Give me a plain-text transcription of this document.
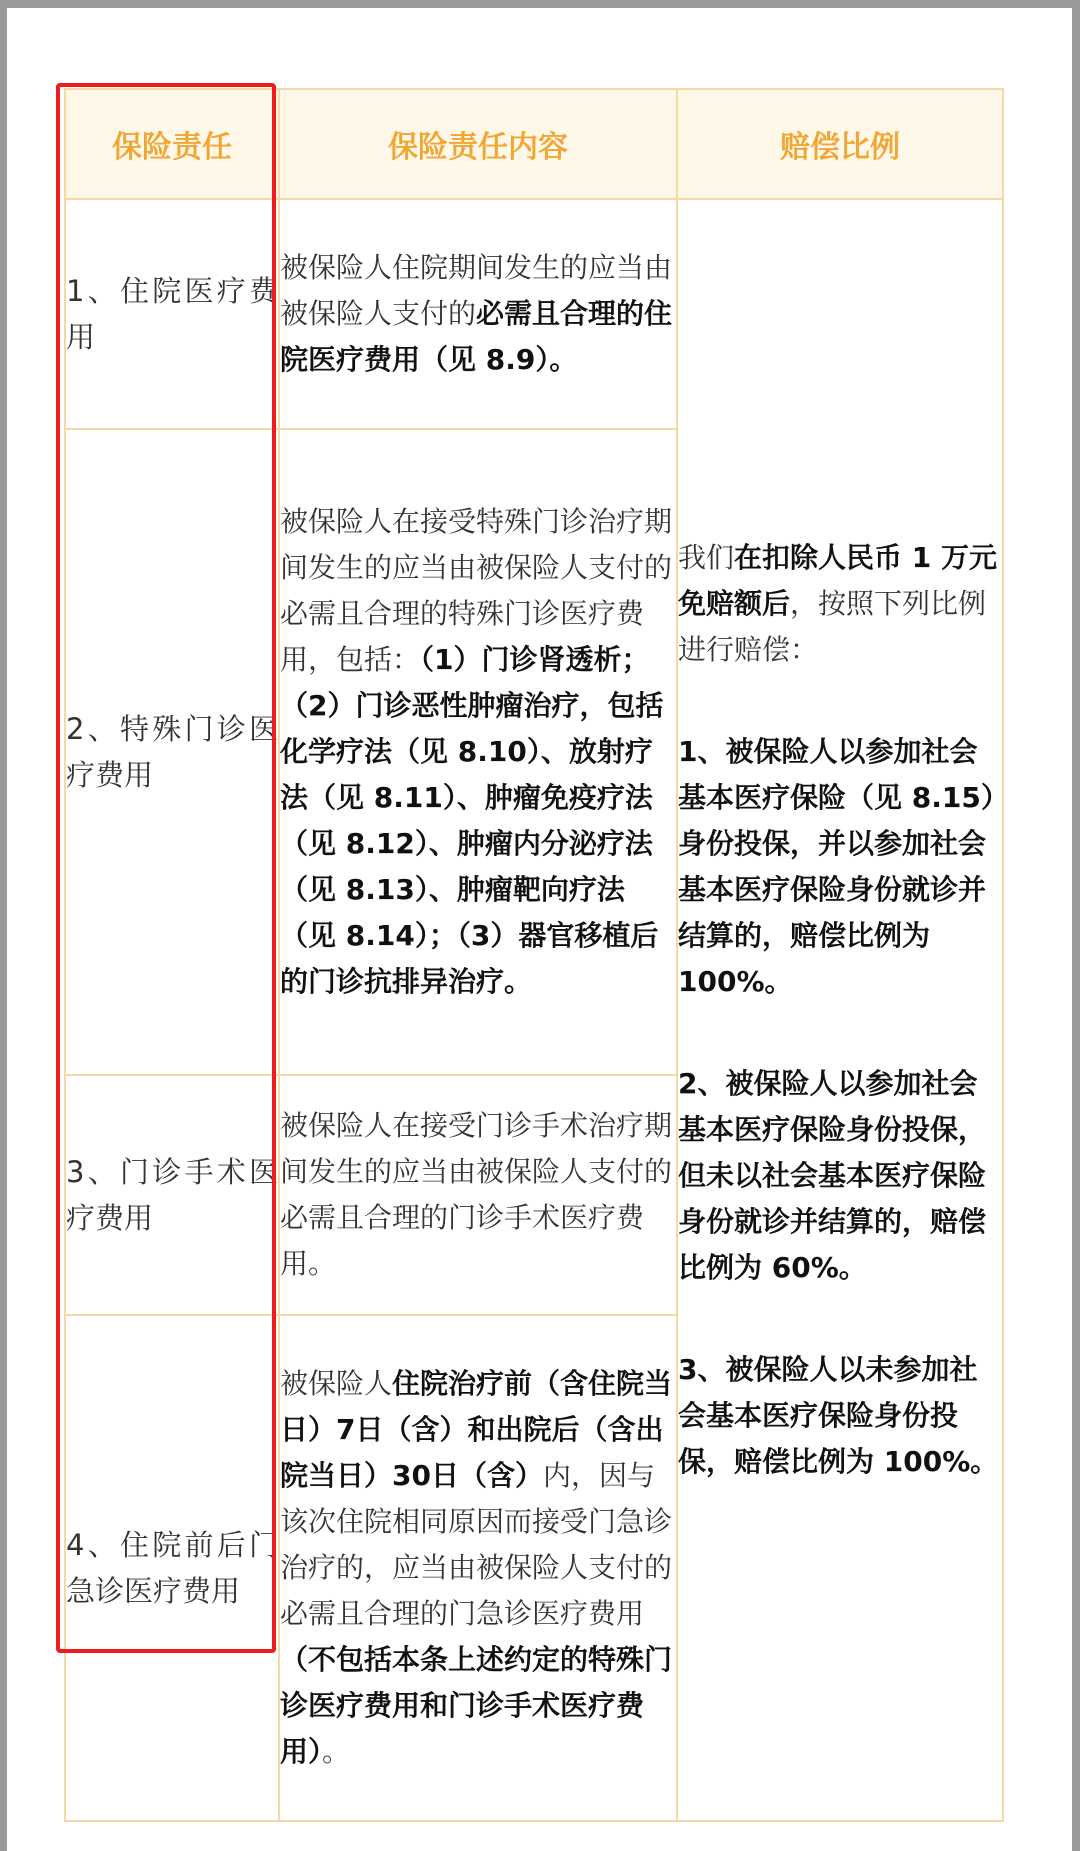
保险责任	保险责任内容	赔偿比例
1、住院医疗费用	被保险人住院期间发生的应当由被保险人支付的必需且合理的住院医疗费用（见 8.9）。	我们在扣除人民币 1 万元免赔额后，按照下列比例进行赔偿：

1、被保险人以参加社会基本医疗保险（见 8.15）身份投保，并以参加社会基本医疗保险身份就诊并结算的，赔偿比例为 100%。

2、被保险人以参加社会基本医疗保险身份投保，但未以社会基本医疗保险身份就诊并结算的，赔偿比例为 60%。

3、被保险人以未参加社会基本医疗保险身份投保，赔偿比例为 100%。

2、特殊门诊医疗费用	被保险人在接受特殊门诊治疗期间发生的应当由被保险人支付的必需且合理的特殊门诊医疗费用，包括：（1）门诊肾透析；（2）门诊恶性肿瘤治疗，包括化学疗法（见 8.10）、放射疗法（见 8.11）、肿瘤免疫疗法（见 8.12）、肿瘤内分泌疗法（见 8.13）、肿瘤靶向疗法（见 8.14）；（3）器官移植后的门诊抗排异治疗。	
3、门诊手术医疗费用	被保险人在接受门诊手术治疗期间发生的应当由被保险人支付的必需且合理的门诊手术医疗费用。	
4、住院前后门急诊医疗费用	被保险人住院治疗前（含住院当日）7日（含）和出院后（含出院当日）30日（含）内，因与该次住院相同原因而接受门急诊治疗的，应当由被保险人支付的必需且合理的门急诊医疗费用（不包括本条上述约定的特殊门诊医疗费用和门诊手术医疗费用）。	
